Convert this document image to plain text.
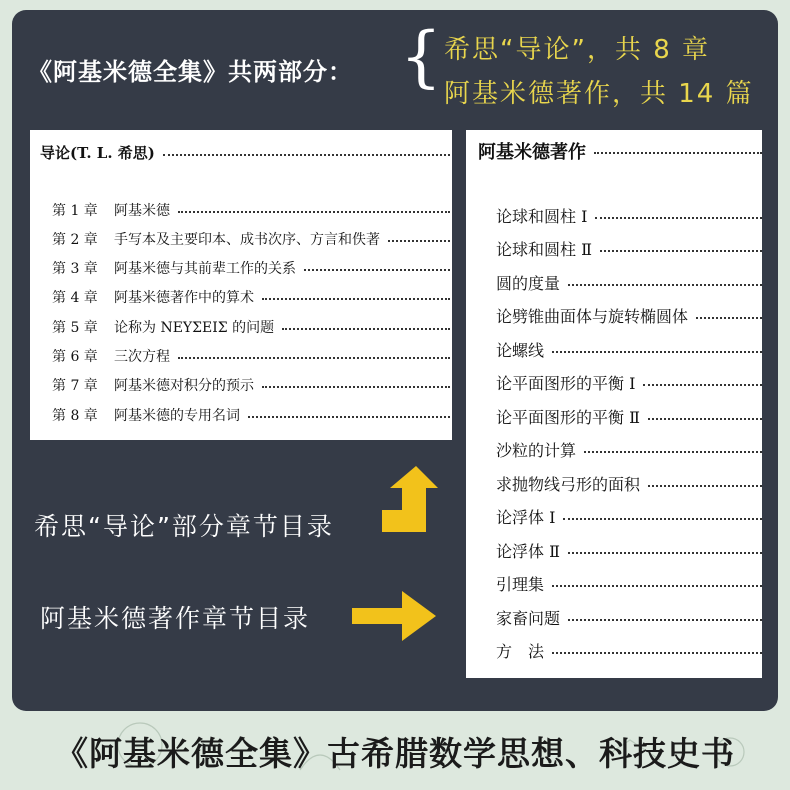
《阿基米德全集》共两部分： { 希思“导论”，共 8 章
阿基米德著作，共 14 篇
导论(T. L. 希思)
第 1 章	阿基米德
第 2 章	手写本及主要印本、成书次序、方言和佚著
第 3 章	阿基米德与其前辈工作的关系
第 4 章	阿基米德著作中的算术
第 5 章	论称为 ΝΕΥΣΕΙΣ 的问题
第 6 章	三次方程
第 7 章	阿基米德对积分的预示
第 8 章	阿基米德的专用名词
阿基米德著作
论球和圆柱 Ⅰ
论球和圆柱 Ⅱ
圆的度量
论劈锥曲面体与旋转椭圆体
论螺线
论平面图形的平衡 Ⅰ
论平面图形的平衡 Ⅱ
沙粒的计算
求抛物线弓形的面积
论浮体 Ⅰ
论浮体 Ⅱ
引理集
家畜问题
方　法
希思“导论”部分章节目录
阿基米德著作章节目录
《阿基米德全集》古希腊数学思想、科技史书
